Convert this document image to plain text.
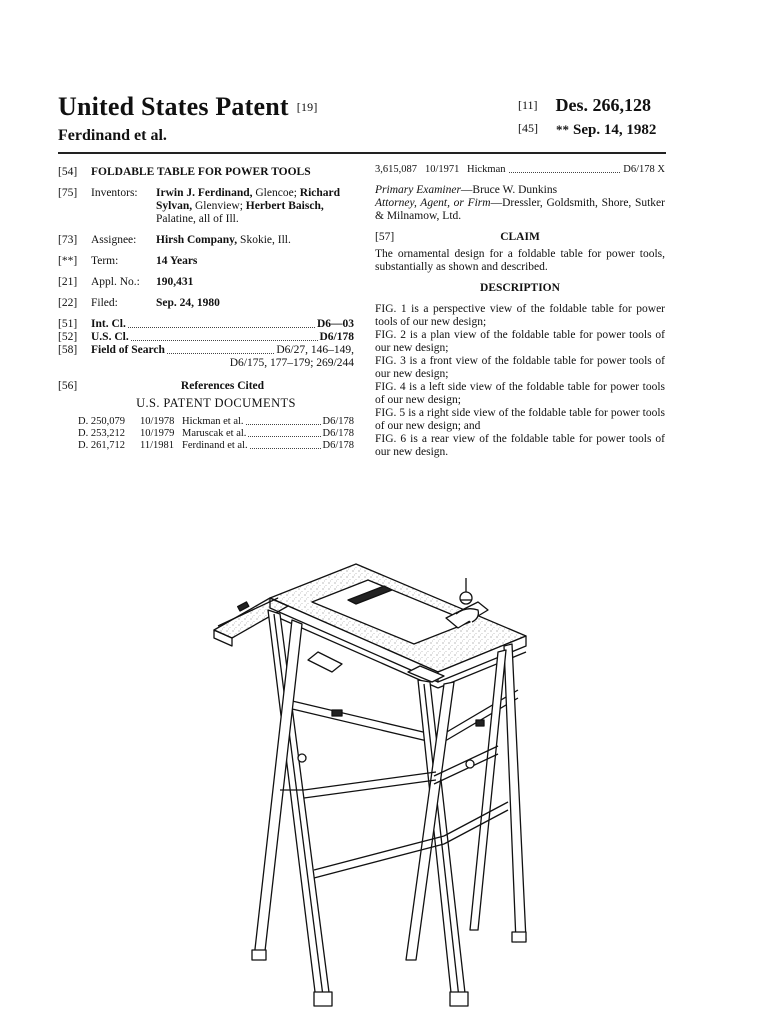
United States Patent [19]
Ferdinand et al.
[11] Des. 266,128
[45] ** Sep. 14, 1982
[54]	FOLDABLE TABLE FOR POWER TOOLS
[75]	Inventors:	Irwin J. Ferdinand, Glencoe; Richard Sylvan, Glenview; Herbert Baisch, Palatine, all of Ill.
[73]	Assignee:	Hirsh Company, Skokie, Ill.
[**]	Term:	14 Years
[21]	Appl. No.:	190,431
[22]	Filed:	Sep. 24, 1980
[51]	Int. Cl.	D6—03
[52]	U.S. Cl.	D6/178
[58]	Field of Search	D6/27, 146–149,
D6/175, 177–179; 269/244
[56]	References Cited
U.S. PATENT DOCUMENTS
D. 250,079	10/1978 Hickman et al.	D6/178
D. 253,212	10/1979 Maruscak et al.	D6/178
D. 261,712	11/1981 Ferdinand et al.	D6/178
3,615,087 10/1971 Hickman	D6/178 X
Primary Examiner—Bruce W. Dunkins
Attorney, Agent, or Firm—Dressler, Goldsmith, Shore, Sutker & Milnamow, Ltd.
[57]	CLAIM
The ornamental design for a foldable table for power tools, substantially as shown and described.
DESCRIPTION
FIG. 1 is a perspective view of the foldable table for power tools of our new design;
FIG. 2 is a plan view of the foldable table for power tools of our new design;
FIG. 3 is a front view of the foldable table for power tools of our new design;
FIG. 4 is a left side view of the foldable table for power tools of our new design;
FIG. 5 is a right side view of the foldable table for power tools of our new design; and
FIG. 6 is a rear view of the foldable table for power tools of our new design.
